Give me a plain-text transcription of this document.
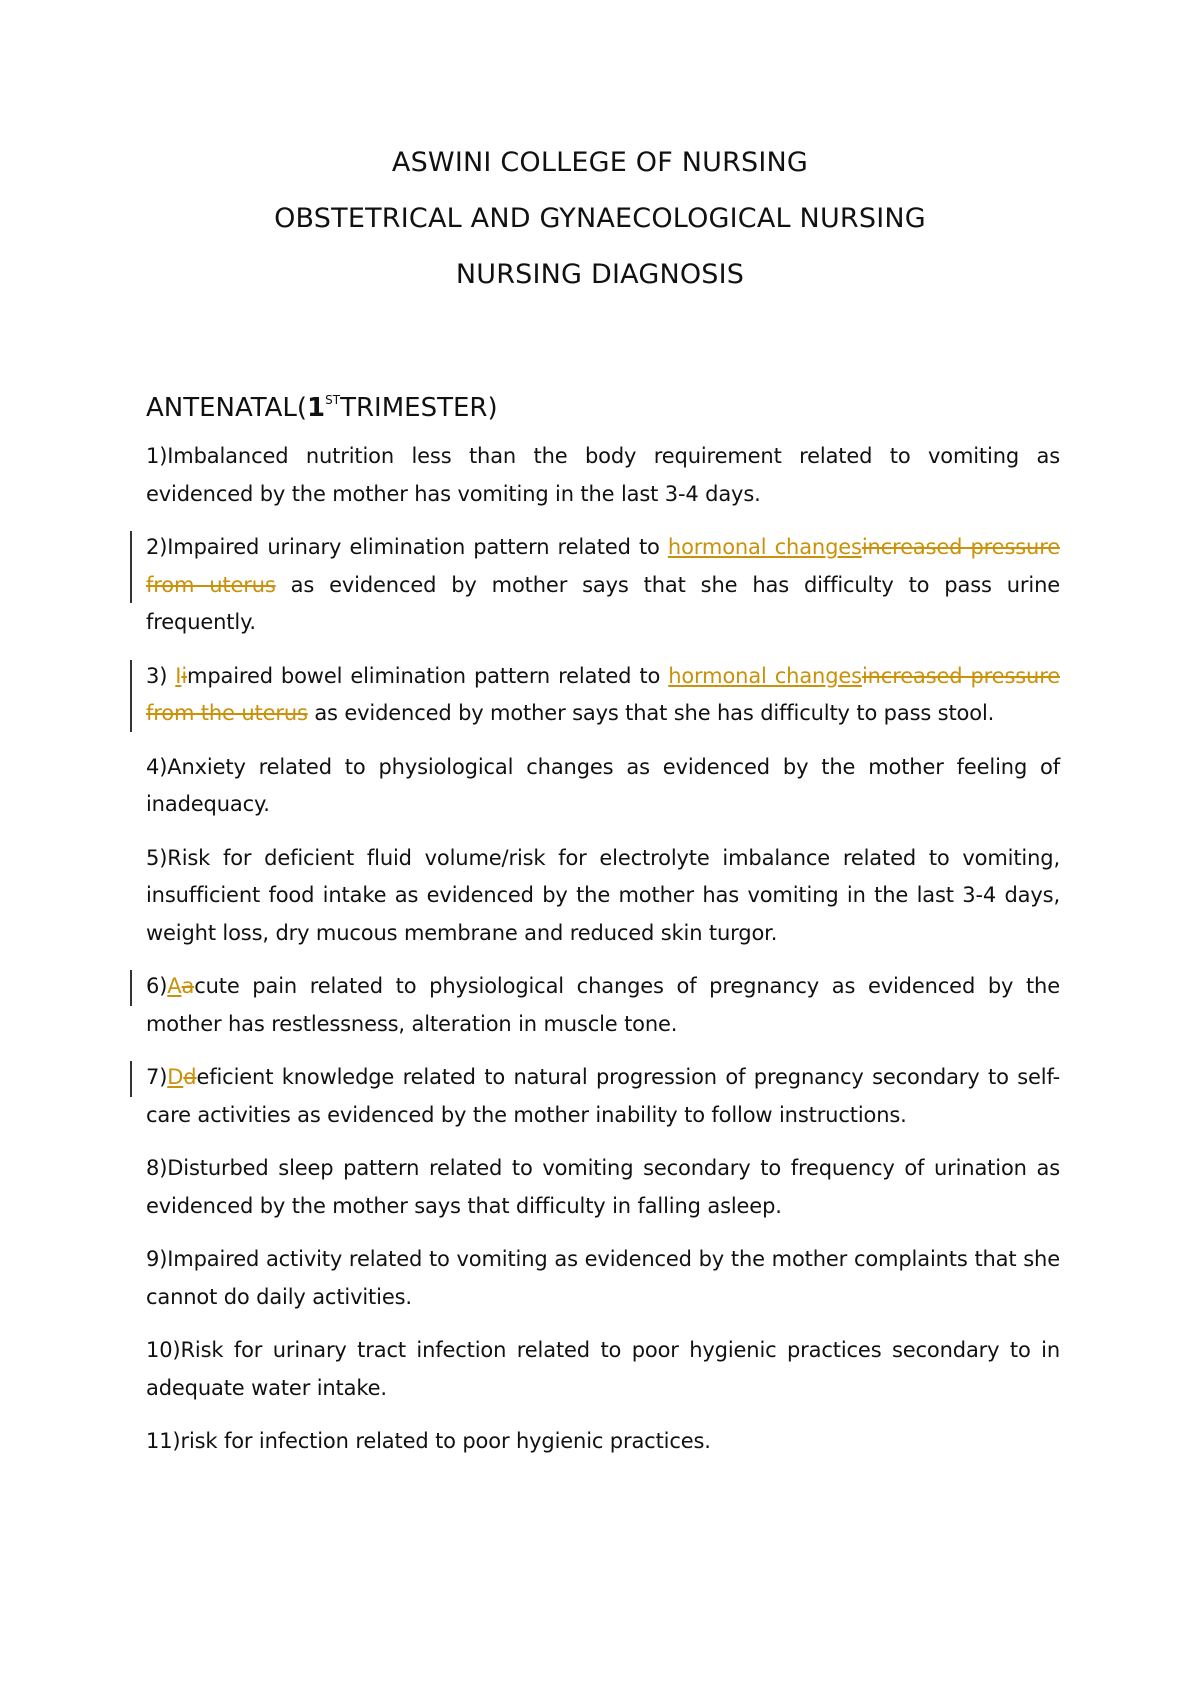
ASWINI COLLEGE OF NURSING
OBSTETRICAL AND GYNAECOLOGICAL NURSING
NURSING DIAGNOSIS
ANTENATAL(1STTRIMESTER)
1)Imbalanced nutrition less than the body requirement related to vomiting as evidenced by the mother has vomiting in the last 3-4 days.
2)Impaired urinary elimination pattern related to hormonal changesincreased pressure from uterus as evidenced by mother says that she has difficulty to pass urine frequently.
3) Iimpaired bowel elimination pattern related to hormonal changesincreased pressure from the uterus as evidenced by mother says that she has difficulty to pass stool.
4)Anxiety related to physiological changes as evidenced by the mother feeling of inadequacy.
5)Risk for deficient fluid volume/risk for electrolyte imbalance related to vomiting, insufficient food intake as evidenced by the mother has vomiting in the last 3-4 days, weight loss, dry mucous membrane and reduced skin turgor.
6)Aacute pain related to physiological changes of pregnancy as evidenced by the mother has restlessness, alteration in muscle tone.
7)Ddeficient knowledge related to natural progression of pregnancy secondary to self-care activities as evidenced by the mother inability to follow instructions.
8)Disturbed sleep pattern related to vomiting secondary to frequency of urination as evidenced by the mother says that difficulty in falling asleep.
9)Impaired activity related to vomiting as evidenced by the mother complaints that she cannot do daily activities.
10)Risk for urinary tract infection related to poor hygienic practices secondary to in adequate water intake.
11)risk for infection related to poor hygienic practices.
